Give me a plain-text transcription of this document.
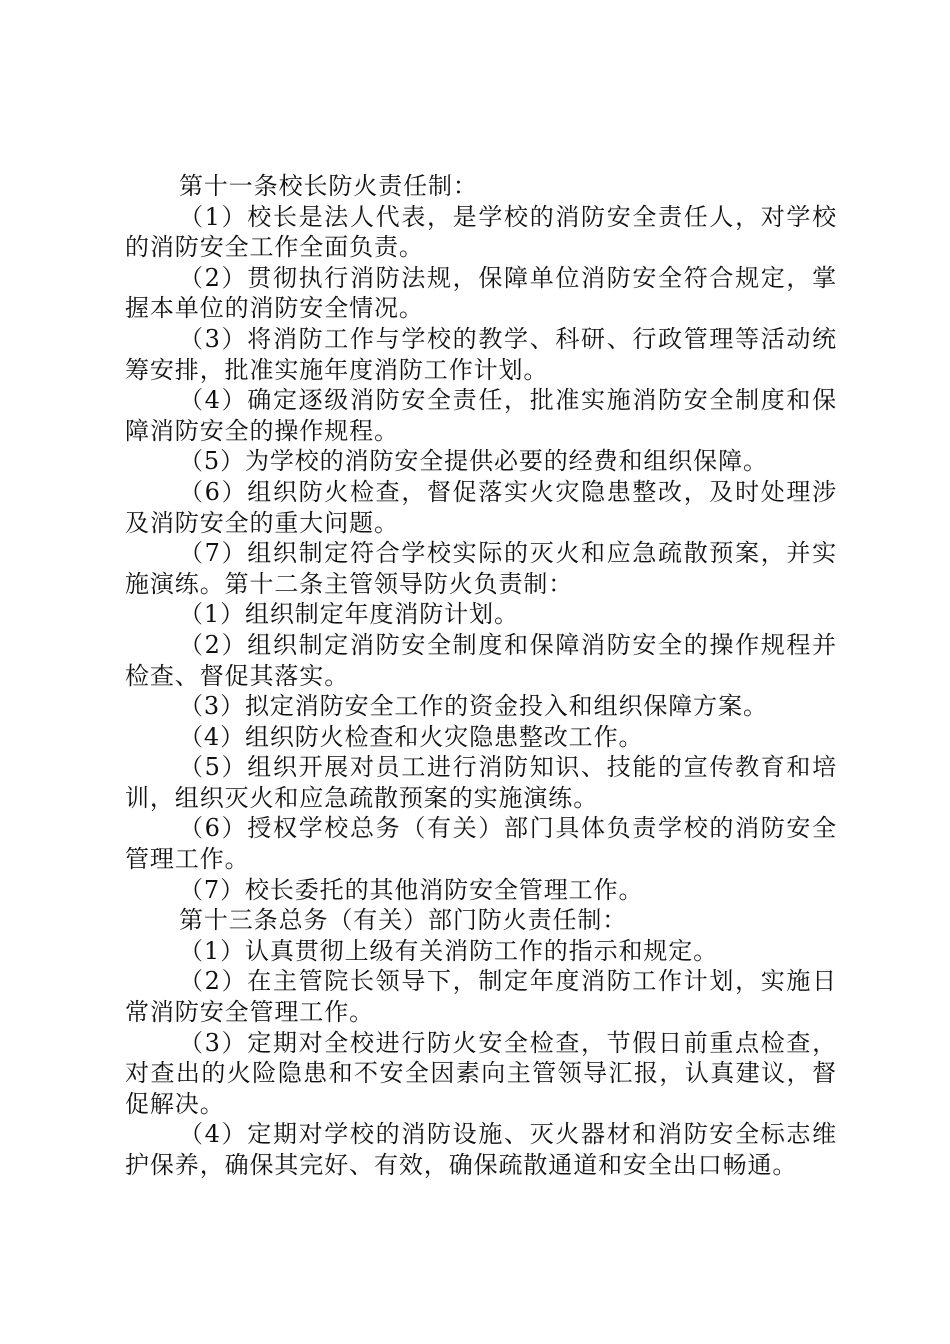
第十一条校长防火责任制：

（1）校长是法人代表，是学校的消防安全责任人，对学校的消防安全工作全面负责。

（2）贯彻执行消防法规，保障单位消防安全符合规定，掌握本单位的消防安全情况。

（3）将消防工作与学校的教学、科研、行政管理等活动统筹安排，批准实施年度消防工作计划。

（4）确定逐级消防安全责任，批准实施消防安全制度和保障消防安全的操作规程。

（5）为学校的消防安全提供必要的经费和组织保障。

（6）组织防火检查，督促落实火灾隐患整改，及时处理涉及消防安全的重大问题。

（7）组织制定符合学校实际的灭火和应急疏散预案，并实施演练。第十二条主管领导防火负责制：

（1）组织制定年度消防计划。

（2）组织制定消防安全制度和保障消防安全的操作规程并检查、督促其落实。

（3）拟定消防安全工作的资金投入和组织保障方案。

（4）组织防火检查和火灾隐患整改工作。

（5）组织开展对员工进行消防知识、技能的宣传教育和培训，组织灭火和应急疏散预案的实施演练。

（6）授权学校总务（有关）部门具体负责学校的消防安全管理工作。

（7）校长委托的其他消防安全管理工作。

第十三条总务（有关）部门防火责任制：

（1）认真贯彻上级有关消防工作的指示和规定。

（2）在主管院长领导下，制定年度消防工作计划，实施日常消防安全管理工作。

（3）定期对全校进行防火安全检查，节假日前重点检查，对查出的火险隐患和不安全因素向主管领导汇报，认真建议，督促解决。

（4）定期对学校的消防设施、灭火器材和消防安全标志维护保养，确保其完好、有效，确保疏散通道和安全出口畅通。
